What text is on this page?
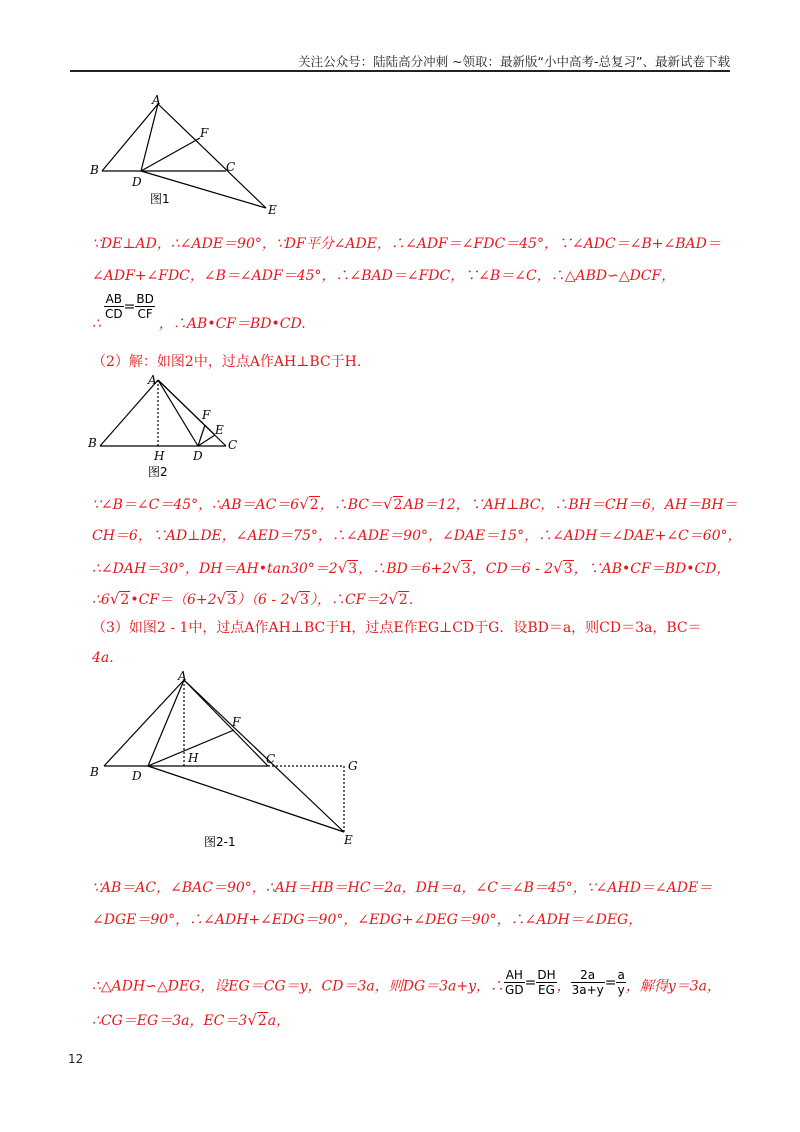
关注公众号：陆陆高分冲刺 ~领取：最新版“小中高考-总复习”、最新试卷下载
A
B	C
D
E
F
图1
∵DE⊥AD，∴∠ADE＝90°，∵DF平分∠ADE，∴∠ADF＝∠FDC＝45°，∵∠ADC＝∠B+∠BAD＝
∠ADF+∠FDC，∠B＝∠ADF＝45°，∴∠BAD＝∠FDC，∵∠B＝∠C，∴△ABD∽△DCF，
$\frac{AB}{CD} = \frac{BD}{CF}$
∴	，∴AB•CF＝BD•CD.
（2）解：如图2中，过点A作AH⊥BC于H.
A
B	C
D
E
F
H
图2
∵∠B＝∠C＝45°，∴AB＝AC＝6√2，∴BC＝√2AB＝12，∵AH⊥BC，∴BH＝CH＝6，AH＝BH＝
CH＝6，∵AD⊥DE，∠AED＝75°，∴∠ADE＝90°，∠DAE＝15°，∴∠ADH＝∠DAE+∠C＝60°，
∴∠DAH＝30°，DH＝AH•tan30°＝2√3，∴BD＝6+2√3，CD＝6 - 2√3，∵AB•CF＝BD•CD，
∴6√2•CF＝（6+2√3）（6 - 2√3），∴CF＝2√2.
（3）如图2 - 1中，过点A作AH⊥BC于H，过点E作EG⊥CD于G．设BD＝a，则CD＝3a，BC＝
4a.
A
B
C
D
E
F
G
H
图2-1
∵AB＝AC，∠BAC＝90°，∴AH＝HB＝HC＝2a，DH＝a，∠C＝∠B＝45°，∵∠AHD＝∠ADE＝
∠DGE＝90°，∴∠ADH+∠EDG＝90°，∠EDG+∠DEG＝90°，∴∠ADH＝∠DEG，
∴△ADH∽△DEG，设EG＝CG＝y，CD＝3a，则DG＝3a+y，∴ $\frac{AH}{GD} = \frac{DH}{EG}$ ， $\frac{2a}{3a+y} = \frac{a}{y}$ ，解得y＝3a，
∴CG＝EG＝3a，EC＝3√2a，
12
